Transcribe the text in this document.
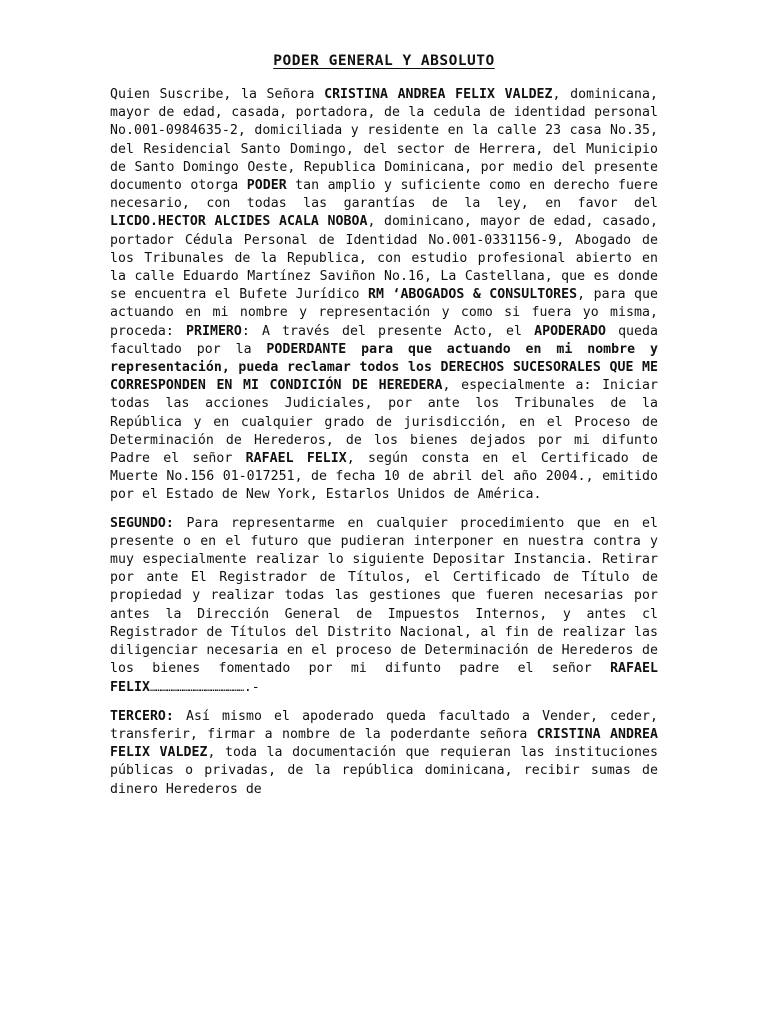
PODER GENERAL Y ABSOLUTO

Quien Suscribe, la Señora CRISTINA ANDREA FELIX VALDEZ, dominicana, mayor de edad, casada, portadora, de la cedula de identidad personal No.001-0984635-2, domiciliada y residente en la calle 23 casa No.35, del Residencial Santo Domingo, del sector de Herrera, del Municipio de Santo Domingo Oeste, Republica Dominicana, por medio del presente documento otorga PODER tan amplio y suficiente como en derecho fuere necesario, con todas las garantías de la ley, en favor del LICDO.HECTOR ALCIDES ACALA NOBOA, dominicano, mayor de edad, casado, portador Cédula Personal de Identidad No.001-0331156-9, Abogado de los Tribunales de la Republica, con estudio profesional abierto en la calle Eduardo Martínez Saviñon No.16, La Castellana, que es donde se encuentra el Bufete Jurídico RM ‘ABOGADOS & CONSULTORES, para que actuando en mi nombre y representación y como si fuera yo misma, proceda: PRIMERO: A través del presente Acto, el APODERADO queda facultado por la PODERDANTE para que actuando en mi nombre y representación, pueda reclamar todos los DERECHOS SUCESORALES QUE ME CORRESPONDEN EN MI CONDICIÓN DE HEREDERA, especialmente a: Iniciar todas las acciones Judiciales, por ante los Tribunales de la República y en cualquier grado de jurisdicción, en el Proceso de Determinación de Herederos, de los bienes dejados por mi difunto Padre el señor RAFAEL FELIX, según consta en el Certificado de Muerte No.156 01-017251, de fecha 10 de abril del año 2004., emitido por el Estado de New York, Estarlos Unidos de América.

SEGUNDO: Para representarme en cualquier procedimiento que en el presente o en el futuro que pudieran interponer en nuestra contra y muy especialmente realizar lo siguiente Depositar Instancia. Retirar por ante El Registrador de Títulos, el Certificado de Título de propiedad y realizar todas las gestiones que fueren necesarias por antes la Dirección General de Impuestos Internos, y antes cl Registrador de Títulos del Distrito Nacional, al fin de realizar las diligenciar necesaria en el proceso de Determinación de Herederos de los bienes fomentado por mi difunto padre el señor RAFAEL FELIX…………………………………………….-

TERCERO: Así mismo el apoderado queda facultado a Vender, ceder, transferir, firmar a nombre de la poderdante señora CRISTINA ANDREA FELIX VALDEZ, toda la documentación que requieran las instituciones públicas o privadas, de la república dominicana, recibir sumas de dinero Herederos de
